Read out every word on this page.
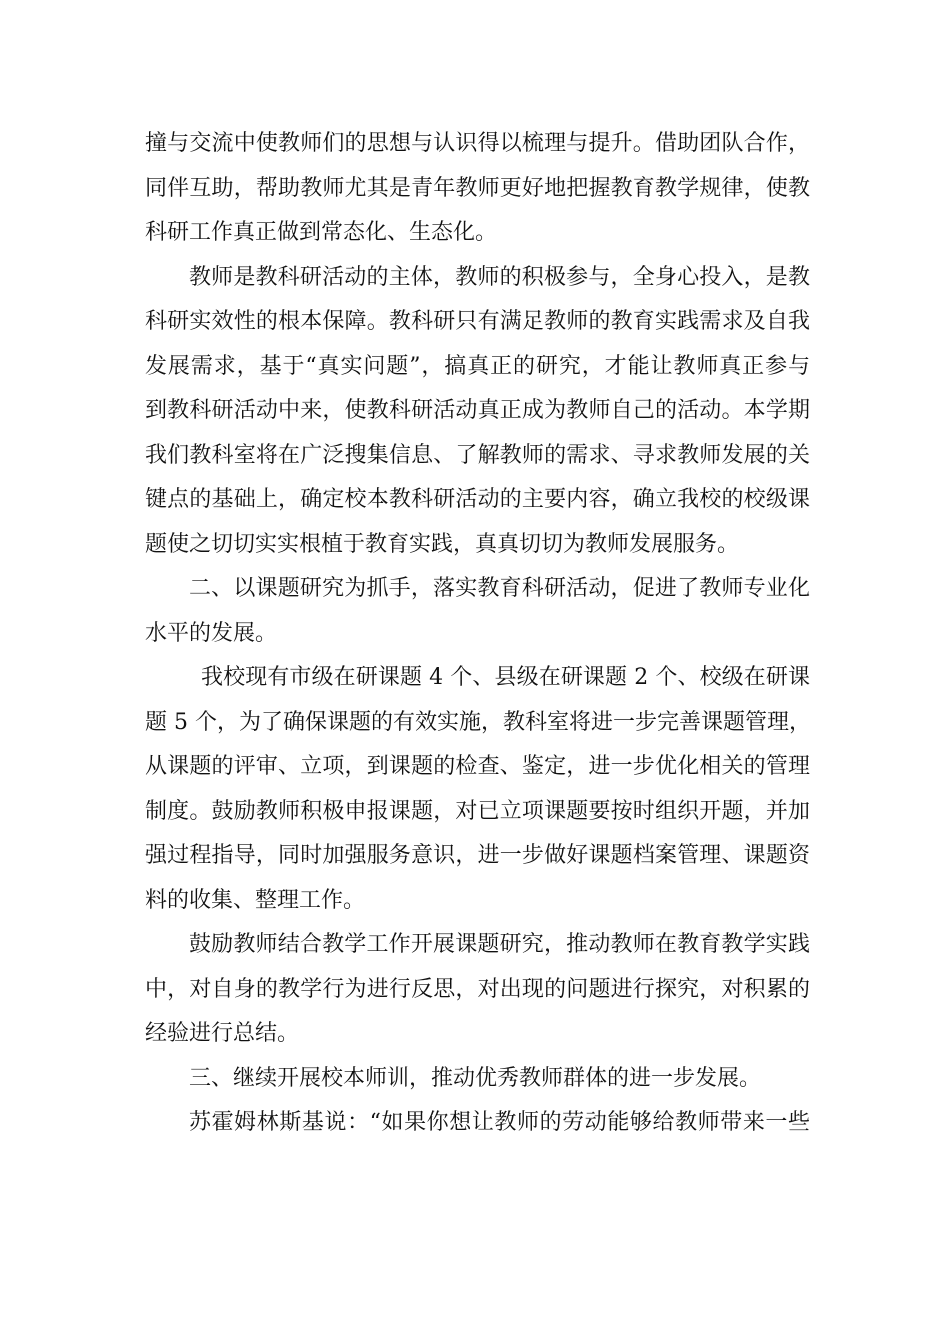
撞与交流中使教师们的思想与认识得以梳理与提升。借助团队合作，
同伴互助，帮助教师尤其是青年教师更好地把握教育教学规律，使教
科研工作真正做到常态化、生态化。
教师是教科研活动的主体，教师的积极参与，全身心投入，是教
科研实效性的根本保障。教科研只有满足教师的教育实践需求及自我
发展需求，基于“真实问题”，搞真正的研究，才能让教师真正参与
到教科研活动中来，使教科研活动真正成为教师自己的活动。本学期
我们教科室将在广泛搜集信息、了解教师的需求、寻求教师发展的关
键点的基础上，确定校本教科研活动的主要内容，确立我校的校级课
题使之切切实实根植于教育实践，真真切切为教师发展服务。
二、以课题研究为抓手，落实教育科研活动，促进了教师专业化
水平的发展。
我校现有市级在研课题 4 个、县级在研课题 2 个、校级在研课
题 5 个，为了确保课题的有效实施，教科室将进一步完善课题管理，
从课题的评审、立项，到课题的检查、鉴定，进一步优化相关的管理
制度。鼓励教师积极申报课题，对已立项课题要按时组织开题，并加
强过程指导，同时加强服务意识，进一步做好课题档案管理、课题资
料的收集、整理工作。
鼓励教师结合教学工作开展课题研究，推动教师在教育教学实践
中，对自身的教学行为进行反思，对出现的问题进行探究，对积累的
经验进行总结。
三、继续开展校本师训，推动优秀教师群体的进一步发展。
苏霍姆林斯基说：“如果你想让教师的劳动能够给教师带来一些
